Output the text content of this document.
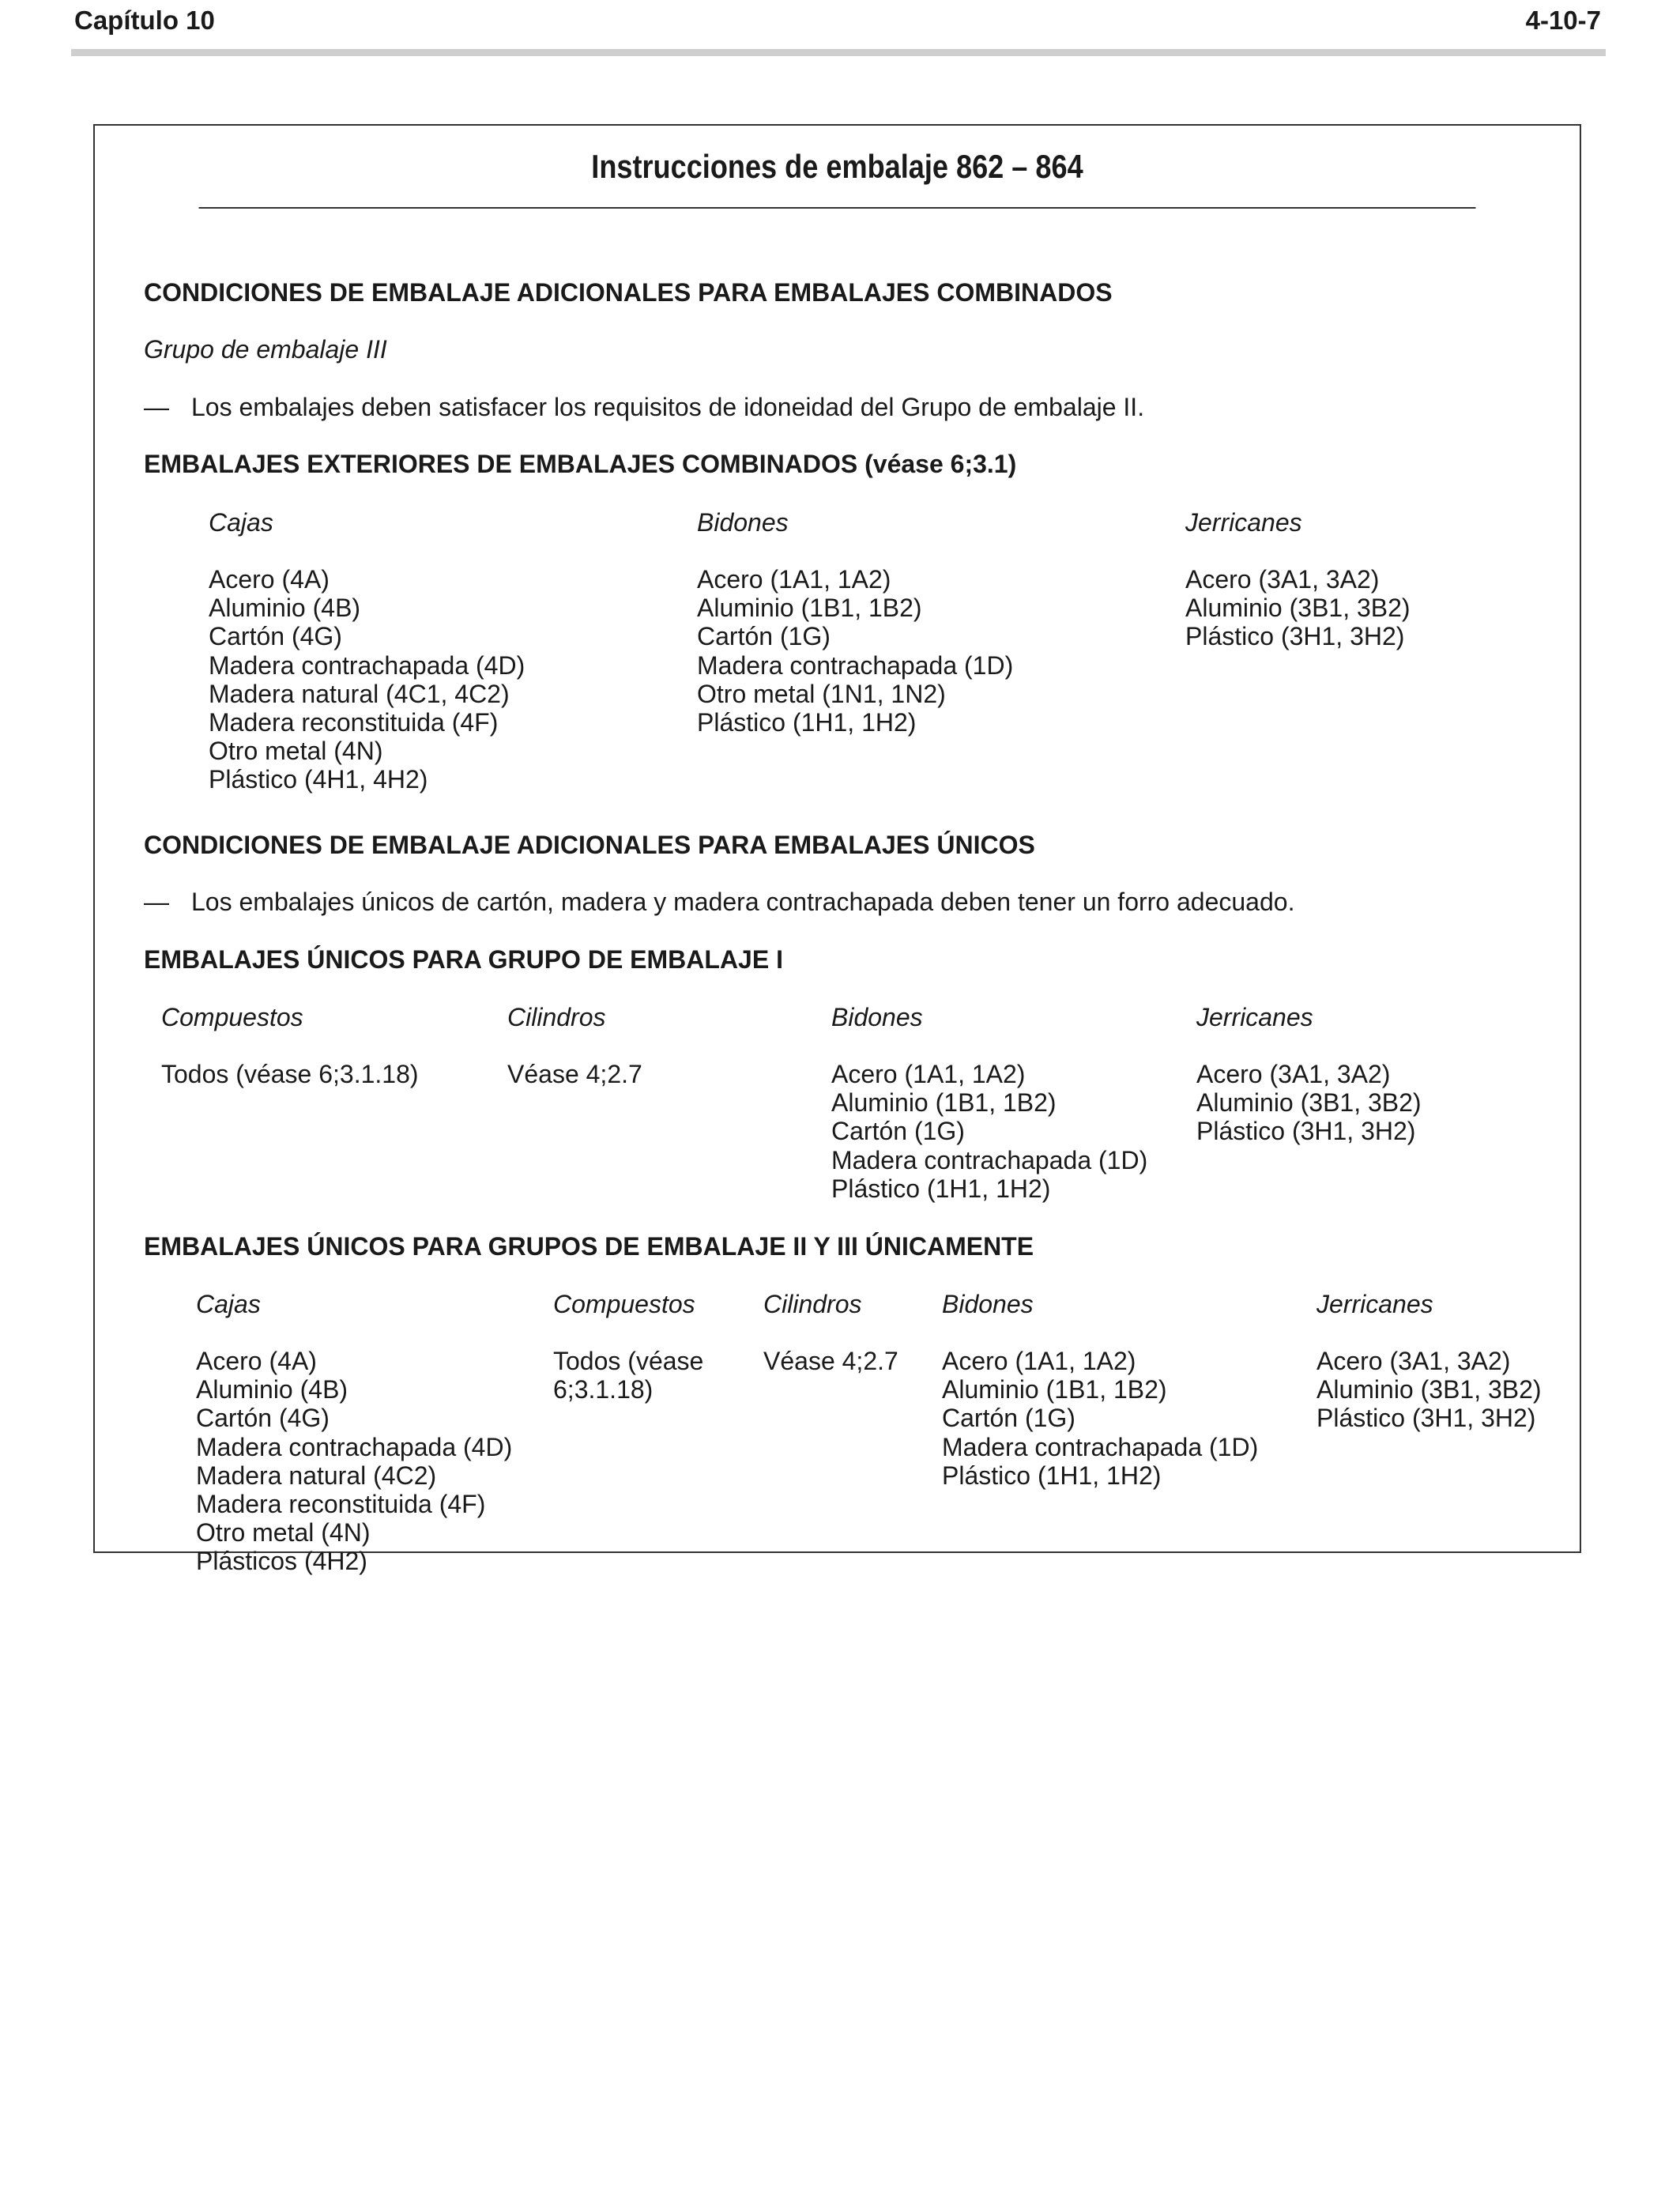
Capítulo 10	4-10-7
Instrucciones de embalaje 862 – 864
CONDICIONES DE EMBALAJE ADICIONALES PARA EMBALAJES COMBINADOS
Grupo de embalaje III
— Los embalajes deben satisfacer los requisitos de idoneidad del Grupo de embalaje II.
EMBALAJES EXTERIORES DE EMBALAJES COMBINADOS (véase 6;3.1)
Cajas
Acero (4A)
Aluminio (4B)
Cartón (4G)
Madera contrachapada (4D)
Madera natural (4C1, 4C2)
Madera reconstituida (4F)
Otro metal (4N)
Plástico (4H1, 4H2)
Bidones
Acero (1A1, 1A2)
Aluminio (1B1, 1B2)
Cartón (1G)
Madera contrachapada (1D)
Otro metal (1N1, 1N2)
Plástico (1H1, 1H2)
Jerricanes
Acero (3A1, 3A2)
Aluminio (3B1, 3B2)
Plástico (3H1, 3H2)
CONDICIONES DE EMBALAJE ADICIONALES PARA EMBALAJES ÚNICOS
— Los embalajes únicos de cartón, madera y madera contrachapada deben tener un forro adecuado.
EMBALAJES ÚNICOS PARA GRUPO DE EMBALAJE I
Compuestos
Todos (véase 6;3.1.18)
Cilindros
Véase 4;2.7
Bidones
Acero (1A1, 1A2)
Aluminio (1B1, 1B2)
Cartón (1G)
Madera contrachapada (1D)
Plástico (1H1, 1H2)
Jerricanes
Acero (3A1, 3A2)
Aluminio (3B1, 3B2)
Plástico (3H1, 3H2)
EMBALAJES ÚNICOS PARA GRUPOS DE EMBALAJE II Y III ÚNICAMENTE
Cajas
Acero (4A)
Aluminio (4B)
Cartón (4G)
Madera contrachapada (4D)
Madera natural (4C2)
Madera reconstituida (4F)
Otro metal (4N)
Plásticos (4H2)
Compuestos
Todos (véase
6;3.1.18)
Cilindros
Véase 4;2.7
Bidones
Acero (1A1, 1A2)
Aluminio (1B1, 1B2)
Cartón (1G)
Madera contrachapada (1D)
Plástico (1H1, 1H2)
Jerricanes
Acero (3A1, 3A2)
Aluminio (3B1, 3B2)
Plástico (3H1, 3H2)
